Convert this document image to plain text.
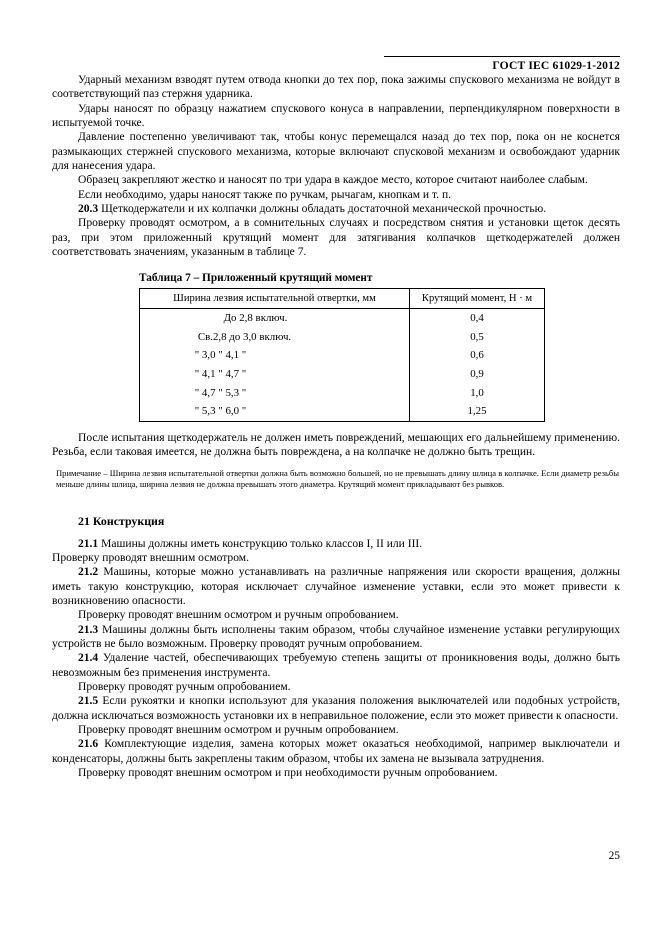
ГОСТ IEC 61029-1-2012

Ударный механизм взводят путем отвода кнопки до тех пор, пока зажимы спускового механизма не войдут в соответствующий паз стержня ударника.

Удары наносят по образцу нажатием спускового конуса в направлении, перпендикулярном поверхности в испытуемой точке.

Давление постепенно увеличивают так, чтобы конус перемещался назад до тех пор, пока он не коснется размыкающих стержней спускового механизма, которые включают спусковой механизм и освобождают ударник для нанесения удара.

Образец закрепляют жестко и наносят по три удара в каждое место, которое считают наиболее слабым.

Если необходимо, удары наносят также по ручкам, рычагам, кнопкам и т. п.

20.3 Щеткодержатели и их колпачки должны обладать достаточной механической прочностью.

Проверку проводят осмотром, а в сомнительных случаях и посредством снятия и установки щеток десять раз, при этом приложенный крутящий момент для затягивания колпачков щеткодержателей должен соответствовать значениям, указанным в таблице 7.

Таблица 7 – Приложенный крутящий момент
Ширина лезвия испытательной отвертки, мм	Крутящий момент, Н · м
До 2,8 включ.	0,4
Св.2,8 до 3,0 включ.	0,5
" 3,0 " 4,1 "	0,6
" 4,1 " 4,7 "	0,9
" 4,7 " 5,3 "	1,0
" 5,3 " 6,0 "	1,25

После испытания щеткодержатель не должен иметь повреждений, мешающих его дальнейшему применению. Резьба, если таковая имеется, не должна быть повреждена, а на колпачке не должно быть трещин.

Примечание – Ширина лезвия испытательной отвертки должна быть возможно большей, но не превышать длину шлица в колпачке. Если диаметр резьбы меньше длины шлица, ширина лезвия не должна превышать этого диаметра. Крутящий момент прикладывают без рывков.

21 Конструкция

21.1 Машины должны иметь конструкцию только классов I, II или III.

Проверку проводят внешним осмотром.

21.2 Машины, которые можно устанавливать на различные напряжения или скорости вращения, должны иметь такую конструкцию, которая исключает случайное изменение уставки, если это может привести к возникновению опасности.

Проверку проводят внешним осмотром и ручным опробованием.

21.3 Машины должны быть исполнены таким образом, чтобы случайное изменение уставки регулирующих устройств не было возможным. Проверку проводят ручным опробованием.

21.4 Удаление частей, обеспечивающих требуемую степень защиты от проникновения воды, должно быть невозможным без применения инструмента.

Проверку проводят ручным опробованием.

21.5 Если рукоятки и кнопки используют для указания положения выключателей или подобных устройств, должна исключаться возможность установки их в неправильное положение, если это может привести к опасности.

Проверку проводят внешним осмотром и ручным опробованием.

21.6 Комплектующие изделия, замена которых может оказаться необходимой, например выключатели и конденсаторы, должны быть закреплены таким образом, чтобы их замена не вызывала затруднения.

Проверку проводят внешним осмотром и при необходимости ручным опробованием.

25
